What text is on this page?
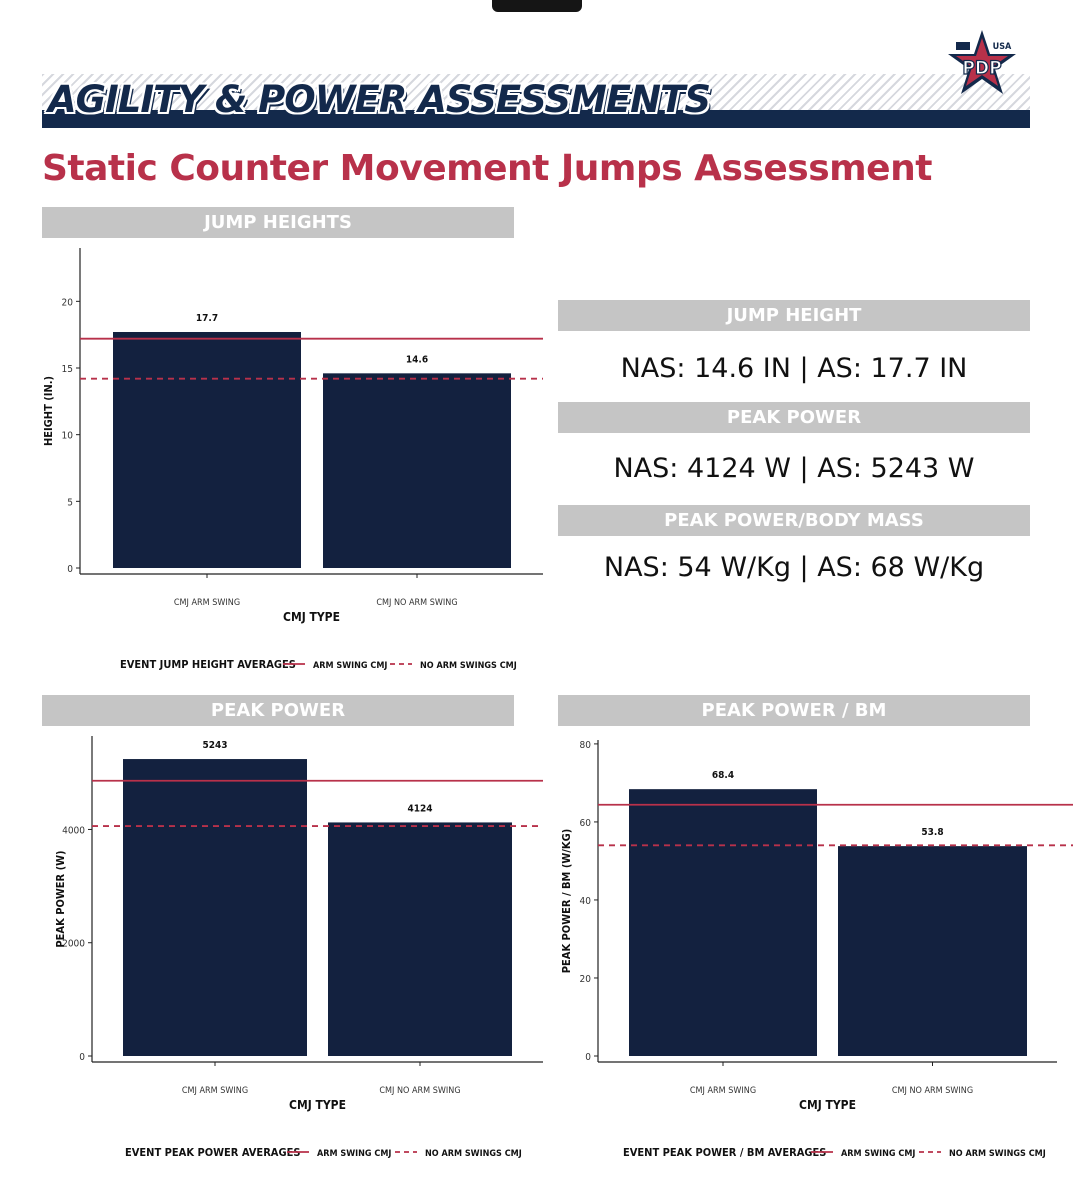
AGILITY & POWER ASSESSMENTS
USA
PDP
Static Counter Movement Jumps Assessment
JUMP HEIGHTS
PEAK POWER	PEAK POWER / BM
JUMP HEIGHT
NAS: 14.6 IN | AS: 17.7 IN
PEAK POWER
PEAK POWER/BODY MASS
NAS: 4124 W | AS: 5243 W
NAS: 54 W/Kg | AS: 68 W/Kg
0
5
10
15
20
HEIGHT (IN.)
17.7
CMJ ARM SWING
14.6
CMJ NO ARM SWING
CMJ TYPE
EVENT JUMP HEIGHT AVERAGES ARM SWING CMJ	NO ARM SWINGS CMJ
0
2000
4000
PEAK POWER (W)
5243
CMJ ARM SWING
4124
CMJ NO ARM SWING
CMJ TYPE
EVENT PEAK POWER AVERAGES ARM SWING CMJ	NO ARM SWINGS CMJ
0
20
40
60
80
PEAK POWER / BM (W/KG)
68.4
CMJ ARM SWING
53.8
CMJ NO ARM SWING
CMJ TYPE
EVENT PEAK POWER / BM AVERAGES ARM SWING CMJ	NO ARM SWINGS CMJ
